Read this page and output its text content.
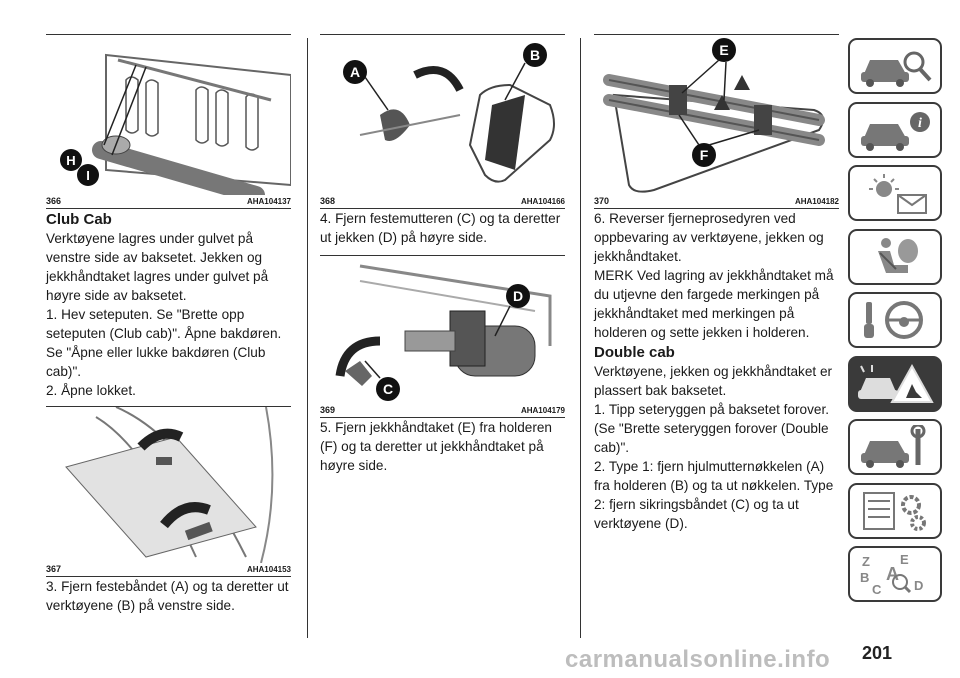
H
I
366	AHA104137
Club Cab

Verktøyene lagres under gulvet på venstre side av baksetet. Jekken og jekkhåndtaket lagres under gulvet på høyre side av baksetet.

1. Hev seteputen. Se "Brette opp seteputen (Club cab)". Åpne bakdøren.

Se "Åpne eller lukke bakdøren (Club cab)".

2. Åpne lokket.

367	AHA104153

3. Fjern festebåndet (A) og ta deretter ut verktøyene (B) på venstre side.

A
B
368	AHA104166

4. Fjern festemutteren (C) og ta deretter ut jekken (D) på høyre side.

D
C
369	AHA104179

5. Fjern jekkhåndtaket (E) fra holderen (F) og ta deretter ut jekkhåndtaket på høyre side.

E
F
370	AHA104182

6. Reverser fjerneprosedyren ved oppbevaring av verktøyene, jekken og jekkhåndtaket.

MERK Ved lagring av jekkhåndtaket må du utjevne den fargede merkingen på jekkhåndtaket med merkingen på holderen og sette jekken i holderen.

Double cab

Verktøyene, jekken og jekkhåndtaket er plassert bak baksetet.

1. Tipp seteryggen på baksetet forover. (Se "Brette seteryggen forover (Double cab)".

2. Type 1: fjern hjulmutternøkkelen (A) fra holderen (B) og ta ut nøkkelen. Type 2: fjern sikringsbåndet (C) og ta ut verktøyene (D).

i
Z E
B A
C	D
201
carmanualsonline.info
